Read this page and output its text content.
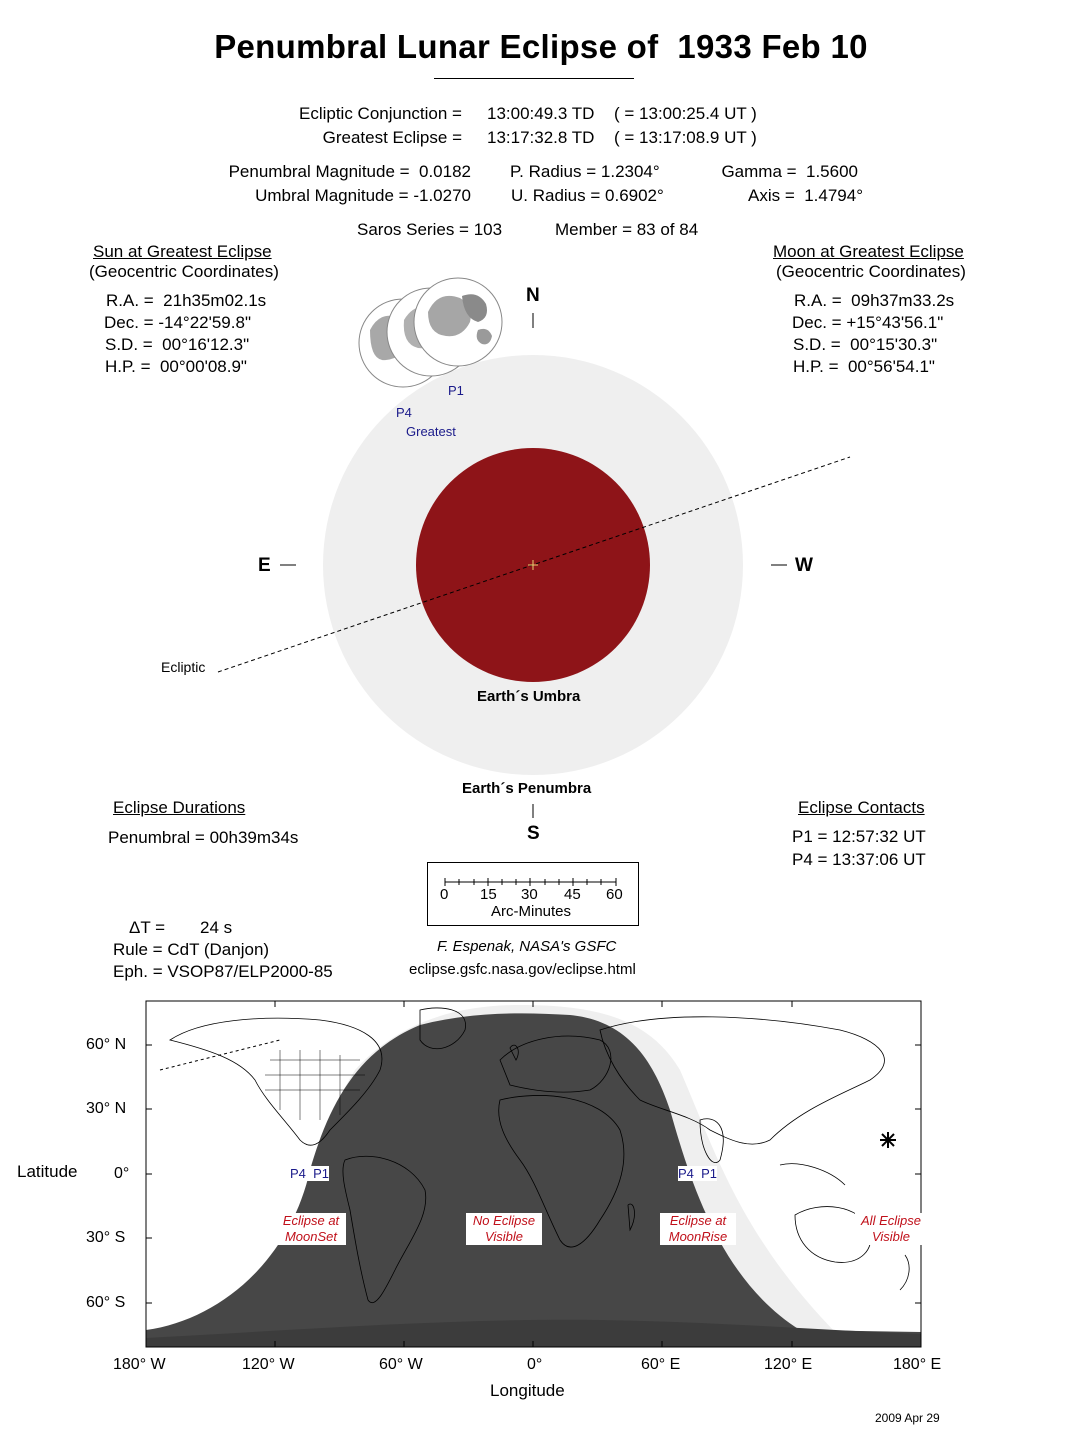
Penumbral Lunar Eclipse of  1933 Feb 10
Ecliptic Conjunction = 13:00:49.3 TD ( = 13:00:25.4 UT )
Greatest Eclipse = 13:17:32.8 TD ( = 13:17:08.9 UT )
Penumbral Magnitude =  0.0182
Umbral Magnitude = -1.0270
P. Radius = 1.2304°
U. Radius = 0.6902°
Gamma =  1.5600
Axis =  1.4794°
Saros Series = 103	Member = 83 of 84
Sun at Greatest Eclipse
(Geocentric Coordinates)
R.A. =  21h35m02.1s
Dec. = -14°22'59.8"
S.D. =  00°16'12.3"
H.P. =  00°00'08.9"
Moon at Greatest Eclipse
(Geocentric Coordinates)
R.A. =  09h37m33.2s
Dec. = +15°43'56.1"
S.D. =  00°15'30.3"
H.P. =  00°56'54.1"
N
S
E	W
P1
P4
Greatest
Ecliptic
Earth´s Umbra
Earth´s Penumbra
Eclipse Durations
Penumbral = 00h39m34s
Eclipse Contacts
P1 = 12:57:32 UT
P4 = 13:37:06 UT
0 15 30 45 60
Arc-Minutes
ΔT = 24 s
Rule = CdT (Danjon)
Eph. = VSOP87/ELP2000-85
F. Espenak, NASA's GSFC
eclipse.gsfc.nasa.gov/eclipse.html
60° N
30° N
0°
30° S
60° S
Latitude
180° W	120° W	60° W	0°	60° E	120° E	180° E
Longitude
Eclipse at
MoonSet
No Eclipse
Visible
Eclipse at
MoonRise
All Eclipse
Visible
P4  P1	P4  P1
2009 Apr 29
